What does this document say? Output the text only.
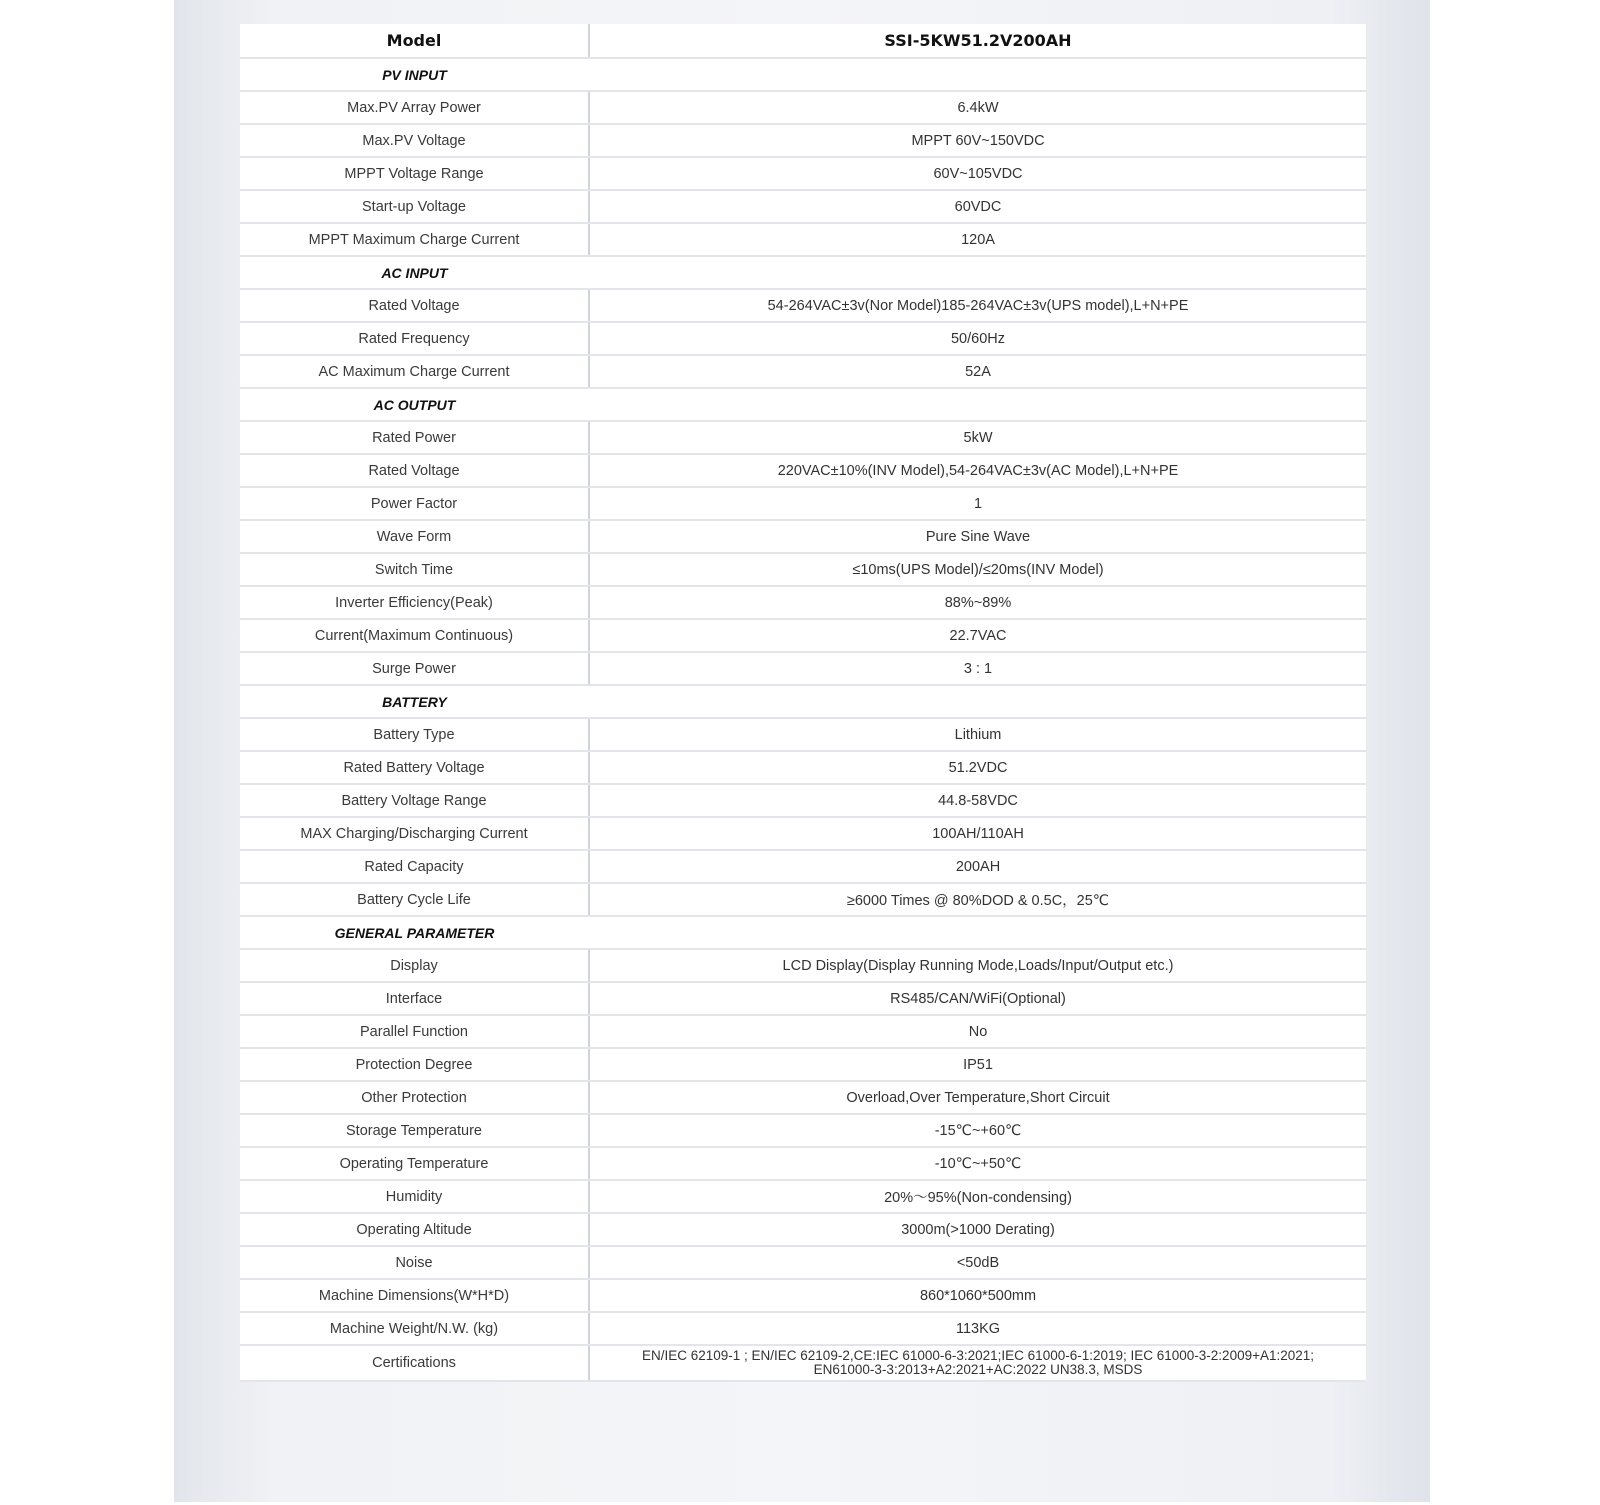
Model	SSI-5KW51.2V200AH
PV INPUT	
Max.PV Array Power	6.4kW
Max.PV Voltage	MPPT 60V~150VDC
MPPT Voltage Range	60V~105VDC
Start-up Voltage	60VDC
MPPT Maximum Charge Current	120A
AC INPUT	
Rated Voltage	54-264VAC±3v(Nor Model)185-264VAC±3v(UPS model),L+N+PE
Rated Frequency	50/60Hz
AC Maximum Charge Current	52A
AC OUTPUT	
Rated Power	5kW
Rated Voltage	220VAC±10%(INV Model),54-264VAC±3v(AC Model),L+N+PE
Power Factor	1
Wave Form	Pure Sine Wave
Switch Time	≤10ms(UPS Model)/≤20ms(INV Model)
Inverter Efficiency(Peak)	88%~89%
Current(Maximum Continuous)	22.7VAC
Surge Power	3 : 1
BATTERY	
Battery Type	Lithium
Rated Battery Voltage	51.2VDC
Battery Voltage Range	44.8-58VDC
MAX Charging/Discharging Current	100AH/110AH
Rated Capacity	200AH
Battery Cycle Life	≥6000 Times @ 80%DOD & 0.5C，25℃
GENERAL PARAMETER	
Display	LCD Display(Display Running Mode,Loads/Input/Output etc.)
Interface	RS485/CAN/WiFi(Optional)
Parallel Function	No
Protection Degree	IP51
Other Protection	Overload,Over Temperature,Short Circuit
Storage Temperature	-15℃~+60℃
Operating Temperature	-10℃~+50℃
Humidity	20%～95%(Non-condensing)
Operating Altitude	3000m(>1000 Derating)
Noise	<50dB
Machine Dimensions(W*H*D)	860*1060*500mm
Machine Weight/N.W. (kg)	113KG
Certifications	EN/IEC 62109-1 ; EN/IEC 62109-2,CE:IEC 61000-6-3:2021;IEC 61000-6-1:2019; IEC 61000-3-2:2009+A1:2021; EN61000-3-3:2013+A2:2021+AC:2022 UN38.3, MSDS
